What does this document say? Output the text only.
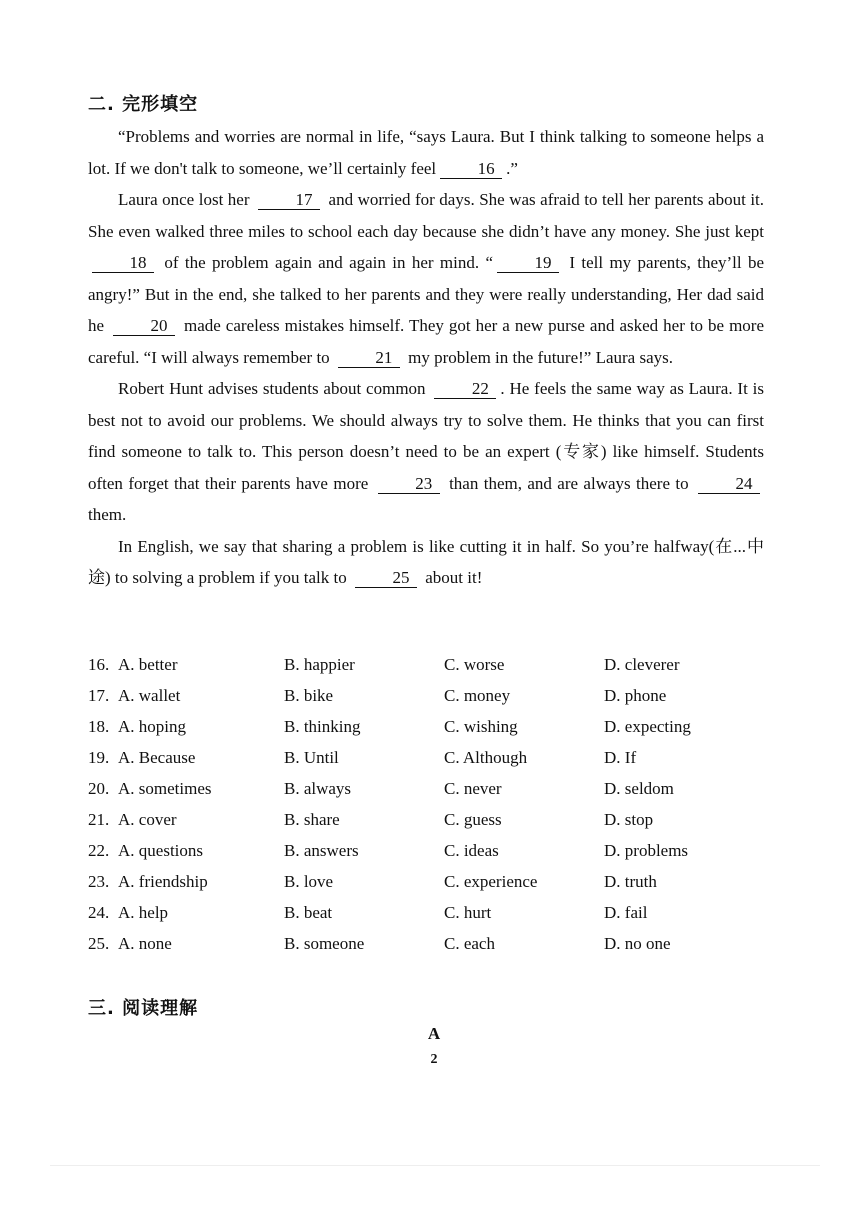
二. 完形填空

“Problems and worries are normal in life, “says Laura. But I think talking to someone helps a lot. If we don't talk to someone, we’ll certainly feel 16 .”

Laura once lost her	17 and worried for days. She was afraid to tell her parents about it. She even walked three miles to school each day because she didn’t have any money. She just kept 18 of the problem again and again in her mind. “ 19 I tell my parents, they’ll be angry!” But in the end, she talked to her parents and they were really understanding, Her dad said he	20 made careless mistakes himself. They got her a new purse and asked her to be more careful. “I will always remember to	21 my problem in the future!” Laura says.

Robert Hunt advises students about common	22 . He feels the same way as Laura. It is best not to avoid our problems. We should always try to solve them. He thinks that you can first find someone to talk to. This person doesn’t need to be an expert (专家) like himself. Students often forget that their parents have more	23 than them, and are always there to	24 them.

In English, we say that sharing a problem is like cutting it in half. So you’re halfway(在...中途) to solving a problem if you talk to	25 about it!

16. A. better	B. happier	C. worse	D. cleverer
17. A. wallet	B. bike	C. money	D. phone
18. A. hoping	B. thinking	C. wishing	D. expecting
19. A. Because	B. Until	C. Although	D. If
20. A. sometimes	B. always	C. never	D. seldom
21. A. cover	B. share	C. guess	D. stop
22. A. questions	B. answers	C. ideas	D. problems
23. A. friendship	B. love	C. experience	D. truth
24. A. help	B. beat	C. hurt	D. fail
25. A. none	B. someone	C. each	D. no one
三. 阅读理解
A
2
